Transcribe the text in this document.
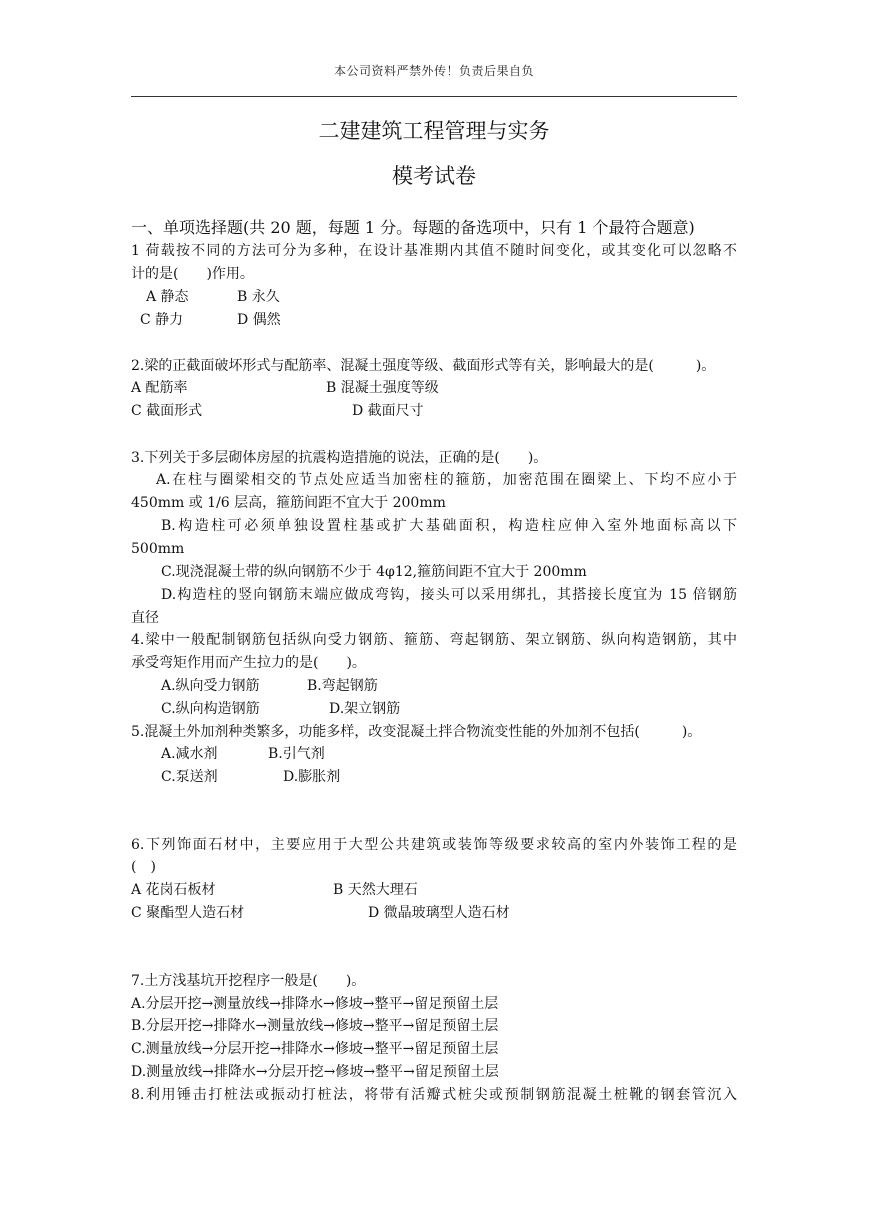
本公司资料严禁外传！负责后果自负
二建建筑工程管理与实务
模考试卷
一、单项选择题(共 20 题，每题 1 分。每题的备选项中，只有 1 个最符合题意)
1 荷载按不同的方法可分为多种，在设计基准期内其值不随时间变化，或其变化可以忽略不
计的是(　　)作用。
A 静态	B 永久
C 静力	D 偶然
2.梁的正截面破坏形式与配筋率、混凝土强度等级、截面形式等有关，影响最大的是(　　　)。
A 配筋率	B 混凝土强度等级
C 截面形式	D 截面尺寸
3.下列关于多层砌体房屋的抗震构造措施的说法，正确的是(　　)。
A.在柱与圈梁相交的节点处应适当加密柱的箍筋，加密范围在圈梁上、下均不应小于
450mm 或 1/6 层高，箍筋间距不宜大于 200mm
B.构造柱可必须单独设置柱基或扩大基础面积，构造柱应伸入室外地面标高以下
500mm
C.现浇混凝土带的纵向钢筋不少于 4φ12,箍筋间距不宜大于 200mm
D.构造柱的竖向钢筋末端应做成弯钩，接头可以采用绑扎，其搭接长度宜为 15 倍钢筋
直径
4.梁中一般配制钢筋包括纵向受力钢筋、箍筋、弯起钢筋、架立钢筋、纵向构造钢筋，其中
承受弯矩作用而产生拉力的是(　　)。
A.纵向受力钢筋	B.弯起钢筋
C.纵向构造钢筋	D.架立钢筋
5.混凝土外加剂种类繁多，功能多样，改变混凝土拌合物流变性能的外加剂不包括(　　　)。
A.减水剂	B.引气剂
C.泵送剂	D.膨胀剂
6.下列饰面石材中，主要应用于大型公共建筑或装饰等级要求较高的室内外装饰工程的是
(　)
A 花岗石板材	B 天然大理石
C 聚酯型人造石材	D 微晶玻璃型人造石材
7.土方浅基坑开挖程序一般是(　　)。
A.分层开挖→测量放线→排降水→修坡→整平→留足预留土层
B.分层开挖→排降水→测量放线→修坡→整平→留足预留土层
C.测量放线→分层开挖→排降水→修坡→整平→留足预留土层
D.测量放线→排降水→分层开挖→修坡→整平→留足预留土层
8.利用锤击打桩法或振动打桩法，将带有活瓣式桩尖或预制钢筋混凝土桩靴的钢套管沉入
